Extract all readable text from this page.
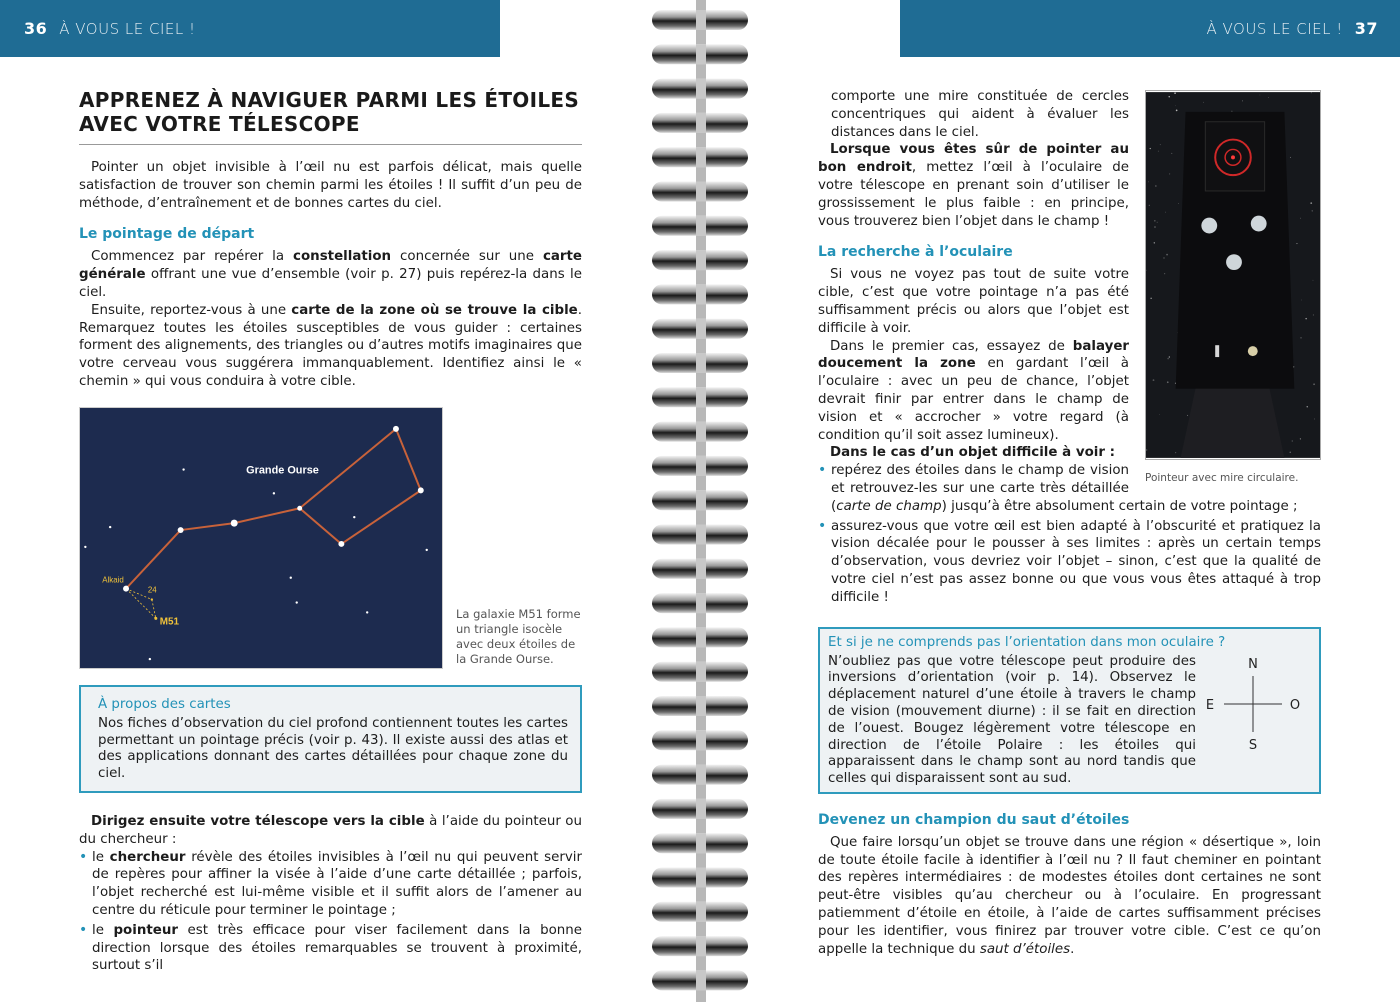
36 À VOUS LE CIEL !	À VOUS LE CIEL ! 37
APPRENEZ À NAVIGUER PARMI LES ÉTOILES AVEC VOTRE TÉLESCOPE

Pointer un objet invisible à l’œil nu est parfois délicat, mais quelle satisfaction de trouver son chemin parmi les étoiles ! Il suffit d’un peu de méthode, d’entraînement et de bonnes cartes du ciel.

Le pointage de départ

Commencez par repérer la constellation concernée sur une carte générale offrant une vue d’ensemble (voir p. 27) puis repérez-la dans le ciel.

Ensuite, reportez-vous à une carte de la zone où se trouve la cible. Remarquez toutes les étoiles susceptibles de vous guider : certaines forment des alignements, des triangles ou d’autres motifs imaginaires que votre cerveau vous suggérera immanquablement. Identifiez ainsi le « chemin » qui vous conduira à votre cible.

Grande Ourse
Alkaid
24
M51
La galaxie M51 forme un triangle isocèle avec deux étoiles de la Grande Ourse.
À propos des cartes
Nos fiches d’observation du ciel profond contiennent toutes les cartes permettant un pointage précis (voir p. 43). Il existe aussi des atlas et des applications donnant des cartes détaillées pour chaque zone du ciel.

Dirigez ensuite votre télescope vers la cible à l’aide du pointeur ou du chercheur :

• le chercheur révèle des étoiles invisibles à l’œil nu qui peuvent servir de repères pour affiner la visée à l’aide d’une carte détaillée ; parfois, l’objet recherché est lui-même visible et il suffit alors de l’amener au centre du réticule pour terminer le pointage ;
• le pointeur est très efficace pour viser facilement dans la bonne direction lorsque des étoiles remarquables se trouvent à proximité, surtout s’il
Pointeur avec mire circulaire.

comporte une mire constituée de cercles concentriques qui aident à évaluer les distances dans le ciel.

Lorsque vous êtes sûr de pointer au bon endroit, mettez l’œil à l’oculaire de votre télescope en prenant soin d’utiliser le grossissement le plus faible : en principe, vous trouverez bien l’objet dans le champ !

La recherche à l’oculaire

Si vous ne voyez pas tout de suite votre cible, c’est que votre pointage n’a pas été suffisamment précis ou alors que l’objet est difficile à voir.

Dans le premier cas, essayez de balayer doucement la zone en gardant l’œil à l’oculaire : avec un peu de chance, l’objet devrait finir par entrer dans le champ de vision et « accrocher » votre regard (à condition qu’il soit assez lumineux).

Dans le cas d’un objet difficile à voir :

• repérez des étoiles dans le champ de vision et retrouvez-les sur une carte très détaillée (carte de champ) jusqu’à être absolument certain de votre pointage ;
• assurez-vous que votre œil est bien adapté à l’obscurité et pratiquez la vision décalée pour le pousser à ses limites : après un certain temps d’observation, vous devriez voir l’objet – sinon, c’est que la qualité de votre ciel n’est pas assez bonne ou que vous vous êtes attaqué à trop difficile !
Et si je ne comprends pas l’orientation dans mon oculaire ?
N’oubliez pas que votre télescope peut produire des inversions d’orientation (voir p. 14). Observez le déplacement naturel d’une étoile à travers le champ de vision (mouvement diurne) : il se fait en direction de l’ouest. Bougez légèrement votre télescope en direction de l’étoile Polaire : les étoiles qui apparaissent dans le champ sont au nord tandis que celles qui disparaissent sont au sud.
N
S
E	O
Devenez un champion du saut d’étoiles

Que faire lorsqu’un objet se trouve dans une région « désertique », loin de toute étoile facile à identifier à l’œil nu ? Il faut cheminer en pointant des repères intermédiaires : de modestes étoiles dont certaines ne sont peut-être visibles qu’au chercheur ou à l’oculaire. En progressant patiemment d’étoile en étoile, à l’aide de cartes suffisamment précises pour les identifier, vous finirez par trouver votre cible. C’est ce qu’on appelle la technique du saut d’étoiles.
